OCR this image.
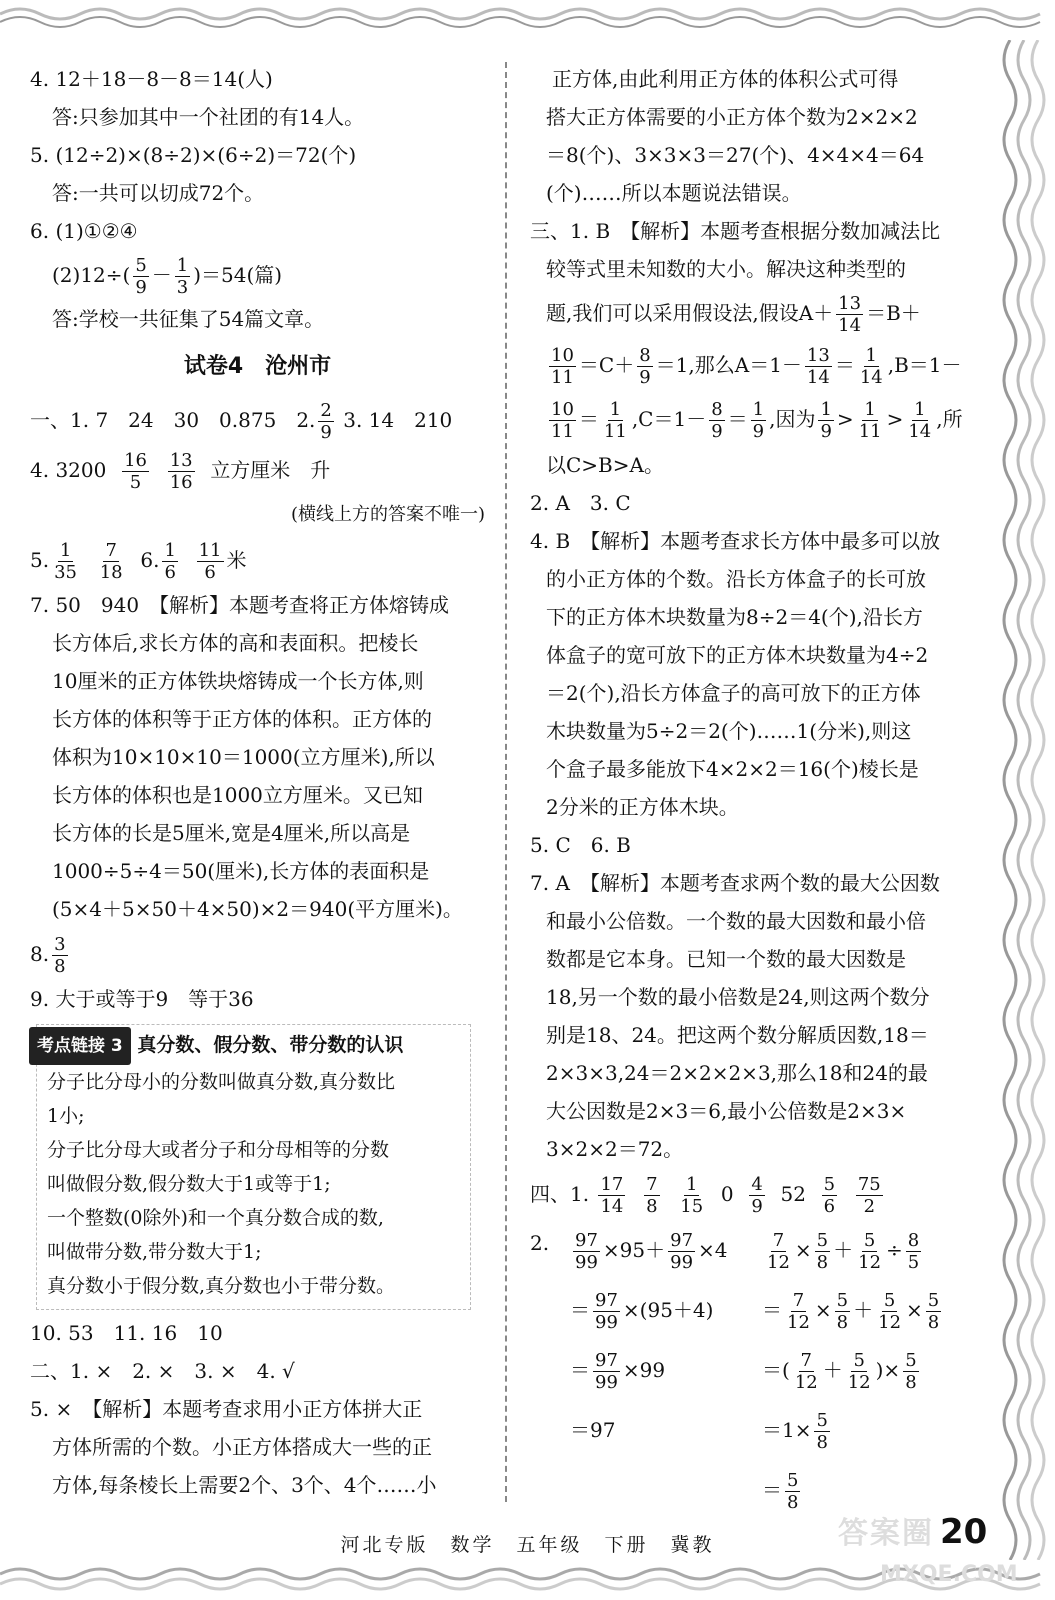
4. 12＋18－8－8＝14(人)
答:只参加其中一个社团的有14人。
5. (12÷2)×(8÷2)×(6÷2)＝72(个)
答:一共可以切成72个。
6. (1)①②④
$(2)12\div( \frac{5}{9} - \frac{1}{3} )=54$(篇)
答:学校一共征集了54篇文章。
试卷4　沧州市
一、1. 7　24　30　0.875　2. $\frac{2}{9} 3$. 14　210
4. $3200 \frac{16}{5}$
$\frac{13}{16}$ 立方厘米　升
(横线上方的答案不唯一)
5. $\frac{1}{35}$
$\frac{7}{18} 6$. $\frac{1}{6}$
$\frac{11}{6}$ 米
7. 50　940　【解析】本题考查将正方体熔铸成
长方体后,求长方体的高和表面积。把棱长
10厘米的正方体铁块熔铸成一个长方体,则
长方体的体积等于正方体的体积。正方体的
体积为10×10×10＝1000(立方厘米),所以
长方体的体积也是1000立方厘米。又已知
长方体的长是5厘米,宽是4厘米,所以高是
1000÷5÷4＝50(厘米),长方体的表面积是
(5×4＋5×50＋4×50)×2＝940(平方厘米)。
8. $\frac{3}{8}$
9. 大于或等于9　等于36
考点链接 3 真分数、假分数、带分数的认识
分子比分母小的分数叫做真分数,真分数比
1小;
分子比分母大或者分子和分母相等的分数
叫做假分数,假分数大于1或等于1;
一个整数(0除外)和一个真分数合成的数,
叫做带分数,带分数大于1;
真分数小于假分数,真分数也小于带分数。
10. 53　11. 16　10
二、1. ×　2. ×　3. ×　4. √
5. ×　【解析】本题考查求用小正方体拼大正
方体所需的个数。小正方体搭成大一些的正
方体,每条棱长上需要2个、3个、4个……小
正方体,由此利用正方体的体积公式可得
搭大正方体需要的小正方体个数为2×2×2
＝8(个)、3×3×3＝27(个)、4×4×4＝64
(个)……所以本题说法错误。
三、1. B　【解析】本题考查根据分数加减法比
较等式里未知数的大小。解决这种类型的
题,我们可以采用假设法,假设$A+ \frac{13}{14} =B+$
$\frac{10}{11} =C+ \frac{8}{9} =1$,那么$A=1- \frac{13}{14} = \frac{1}{14} ,B=1-$
$\frac{10}{11} = \frac{1}{11} ,C=1- \frac{8}{9} = \frac{1}{9}$ ,因为 $\frac{1}{9} > \frac{1}{11} > \frac{1}{14}$ ,所
以C>B>A。
2. A　3. C
4. B　【解析】本题考查求长方体中最多可以放
的小正方体的个数。沿长方体盒子的长可放
下的正方体木块数量为8÷2＝4(个),沿长方
体盒子的宽可放下的正方体木块数量为4÷2
＝2(个),沿长方体盒子的高可放下的正方体
木块数量为5÷2＝2(个)……1(分米),则这
个盒子最多能放下4×2×2＝16(个)棱长是
2分米的正方体木块。
5. C　6. B
7. A　【解析】本题考查求两个数的最大公因数
和最小公倍数。一个数的最大因数和最小倍
数都是它本身。已知一个数的最大因数是
18,另一个数的最小倍数是24,则这两个数分
别是18、24。把这两个数分解质因数,18＝
2×3×3,24＝2×2×2×3,那么18和24的最
大公因数是2×3＝6,最小公倍数是2×3×
3×2×2＝72。
四、1. $\frac{17}{14}$
$\frac{7}{8}$
$\frac{1}{15} 0 \frac{4}{9} 52 \frac{5}{6}$
$\frac{75}{2}$
2. $\frac{97}{99} \times 95+ \frac{97}{99} \times 4$
＝ $\frac{97}{99} \times(95+4)$
＝ $\frac{97}{99} \times 99$
＝97
$\frac{7}{12} \times \frac{5}{8} + \frac{5}{12} \div \frac{8}{5}$
＝ $\frac{7}{12} \times \frac{5}{8} + \frac{5}{12} \times \frac{5}{8}$
＝( $\frac{7}{12} + \frac{5}{12}$ )× $\frac{5}{8}$
$=1\times \frac{5}{8}$
＝ $\frac{5}{8}$
答案圈
MXQE.COM
河北专版　数学　五年级　下册　冀教	20
